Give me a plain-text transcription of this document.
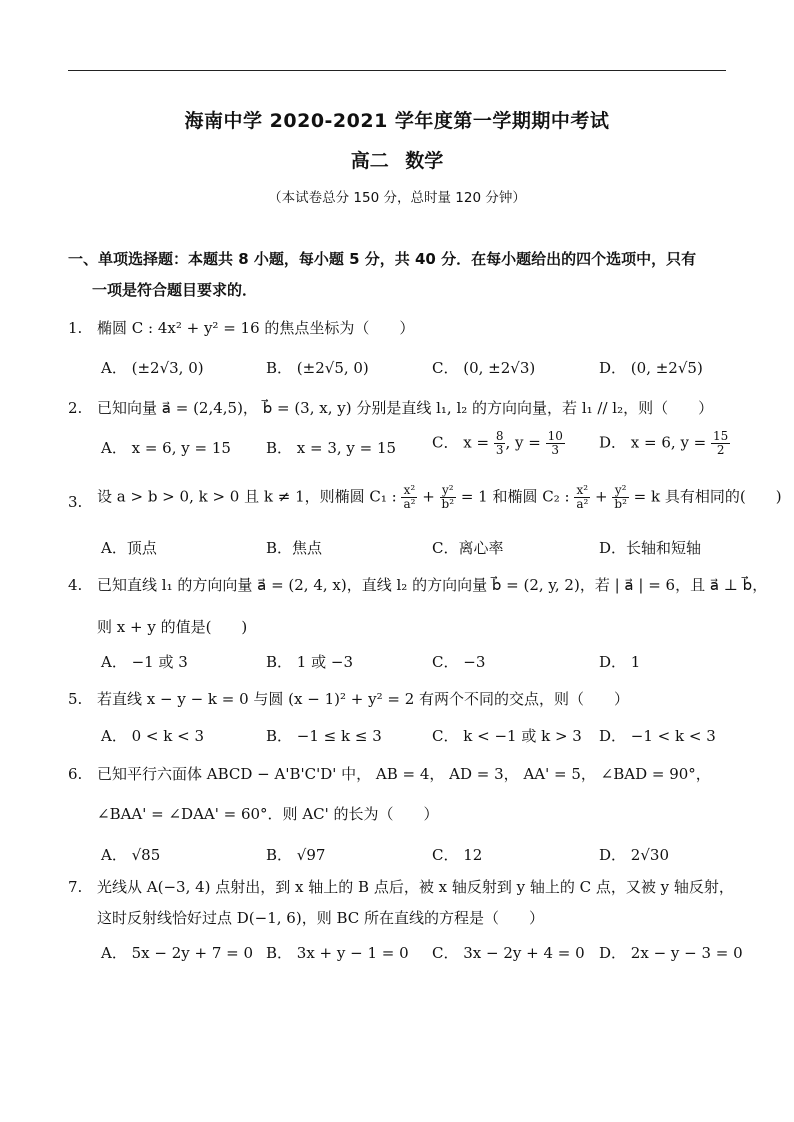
海南中学 2020-2021 学年度第一学期期中考试
高二 数学
（本试卷总分 150 分，总时量 120 分钟）
一、单项选择题：本题共 8 小题，每小题 5 分，共 40 分．在每小题给出的四个选项中，只有
一项是符合题目要求的．
1. 椭圆 C : 4x² + y² = 16 的焦点坐标为（　　）
A． (±2√3, 0)	B． (±2√5, 0)	C． (0, ±2√3)	D． (0, ±2√5)
2. 已知向量 a⃗ = (2,4,5)， b⃗ = (3, x, y) 分别是直线 l₁, l₂ 的方向向量，若 l₁ // l₂，则（　　）
A． x = 6, y = 15 B． x = 3, y = 15 C． $x = \frac{8}{3}$ , $y = \frac{10}{3}$ D． x = 6, $y = \frac{15}{2}$
3. 设 a > b > 0, k > 0 且 k ≠ 1，则椭圆 C₁ : $\frac{\text{x²}}{\text{a²}} + \frac{\text{y²}}{\text{b²}} = 1$ 和椭圆 C₂ : $\frac{\text{x²}}{\text{a²}} + \frac{\text{y²}}{\text{b²}} = k$ 具有相同的(　　)
A．顶点	B．焦点	C．离心率	D．长轴和短轴
4. 已知直线 l₁ 的方向向量 a⃗ = (2, 4, x)，直线 l₂ 的方向向量 b⃗ = (2, y, 2)，若 | a⃗ | = 6，且 a⃗ ⊥ b⃗，
则 x + y 的值是(　　)
A． −1 或 3	B． 1 或 −3	C． −3	D． 1
5. 若直线 x − y − k = 0 与圆 (x − 1)² + y² = 2 有两个不同的交点，则（　　）
A． 0 < k < 3	B． −1 ≤ k ≤ 3	C． k < −1 或 k > 3 D． −1 < k < 3
6. 已知平行六面体 ABCD − A'B'C'D' 中， AB = 4， AD = 3， AA' = 5， ∠BAD = 90°，
∠BAA' = ∠DAA' = 60°．则 AC' 的长为（　　）
A． √85	B． √97	C． 12	D． 2√30
7. 光线从 A(−3, 4) 点射出，到 x 轴上的 B 点后，被 x 轴反射到 y 轴上的 C 点，又被 y 轴反射，
这时反射线恰好过点 D(−1, 6)，则 BC 所在直线的方程是（　　）
A． 5x − 2y + 7 = 0 B． 3x + y − 1 = 0 C． 3x − 2y + 4 = 0 D． 2x − y − 3 = 0
